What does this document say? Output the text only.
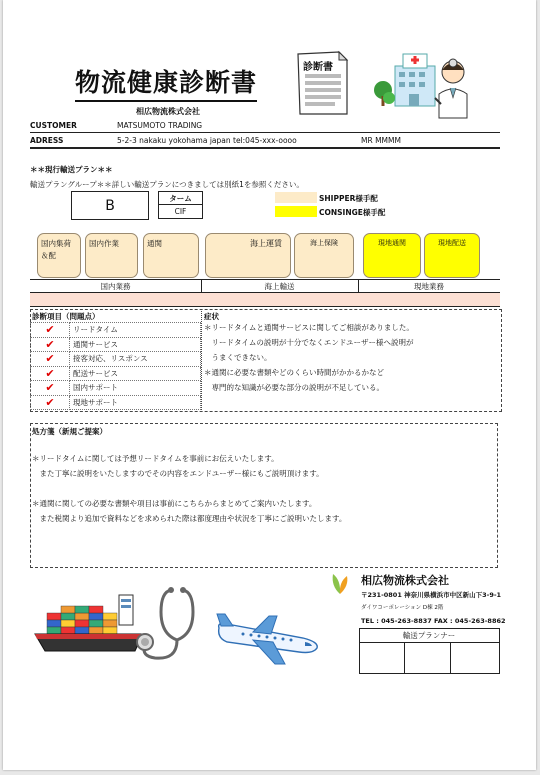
物流健康診断書
診断書
相広物流株式会社
CUSTOMER	MATSUMOTO TRADING
ADRESS	5-2-3 nakaku yokohama japan tel:045-xxx-oooo	MR MMMM
＊＊現行輸送プラン＊＊
輸送プラングループ＊＊詳しい輸送プランにつきましては別紙1を参照ください。
B	ターム
CIF
SHIPPER様手配
CONSINGE様手配
国内集荷＆配
国内作業	通関	海上運賃	海上保険	現地通関	現地配送
国内業務	海上輸送	現地業務
診断項目（問題点）
✔	リードタイム

✔	通関サービス

✔	接客対応、リスポンス

✔	配送サービス

✔	国内サポート

✔	現地サポート
症状
＊リードタイムと通関サービスに関してご相談がありました。
　リードタイムの説明が十分でなくエンドユーザー様へ説明が
　うまくできない。
＊通関に必要な書類やどのくらい時間がかかるかなど
　専門的な知識が必要な部分の説明が不足している。
処方箋（新規ご提案）
＊リードタイムに関しては予想リードタイムを事前にお伝えいたします。
　また丁寧に説明をいたしますのでその内容をエンドユーザー様にもご説明頂けます。
＊通関に関しての必要な書類や項目は事前にこちらからまとめてご案内いたします。
　また税関より追加で資料などを求められた際は都度理由や状況を丁寧にご説明いたします。
相広物流株式会社
〒231-0801 神奈川県横浜市中区新山下3-9-1
ダイワコーポレーション D棟 2階
TEL : 045-263-8837 FAX : 045-263-8862
輸送プランナー
